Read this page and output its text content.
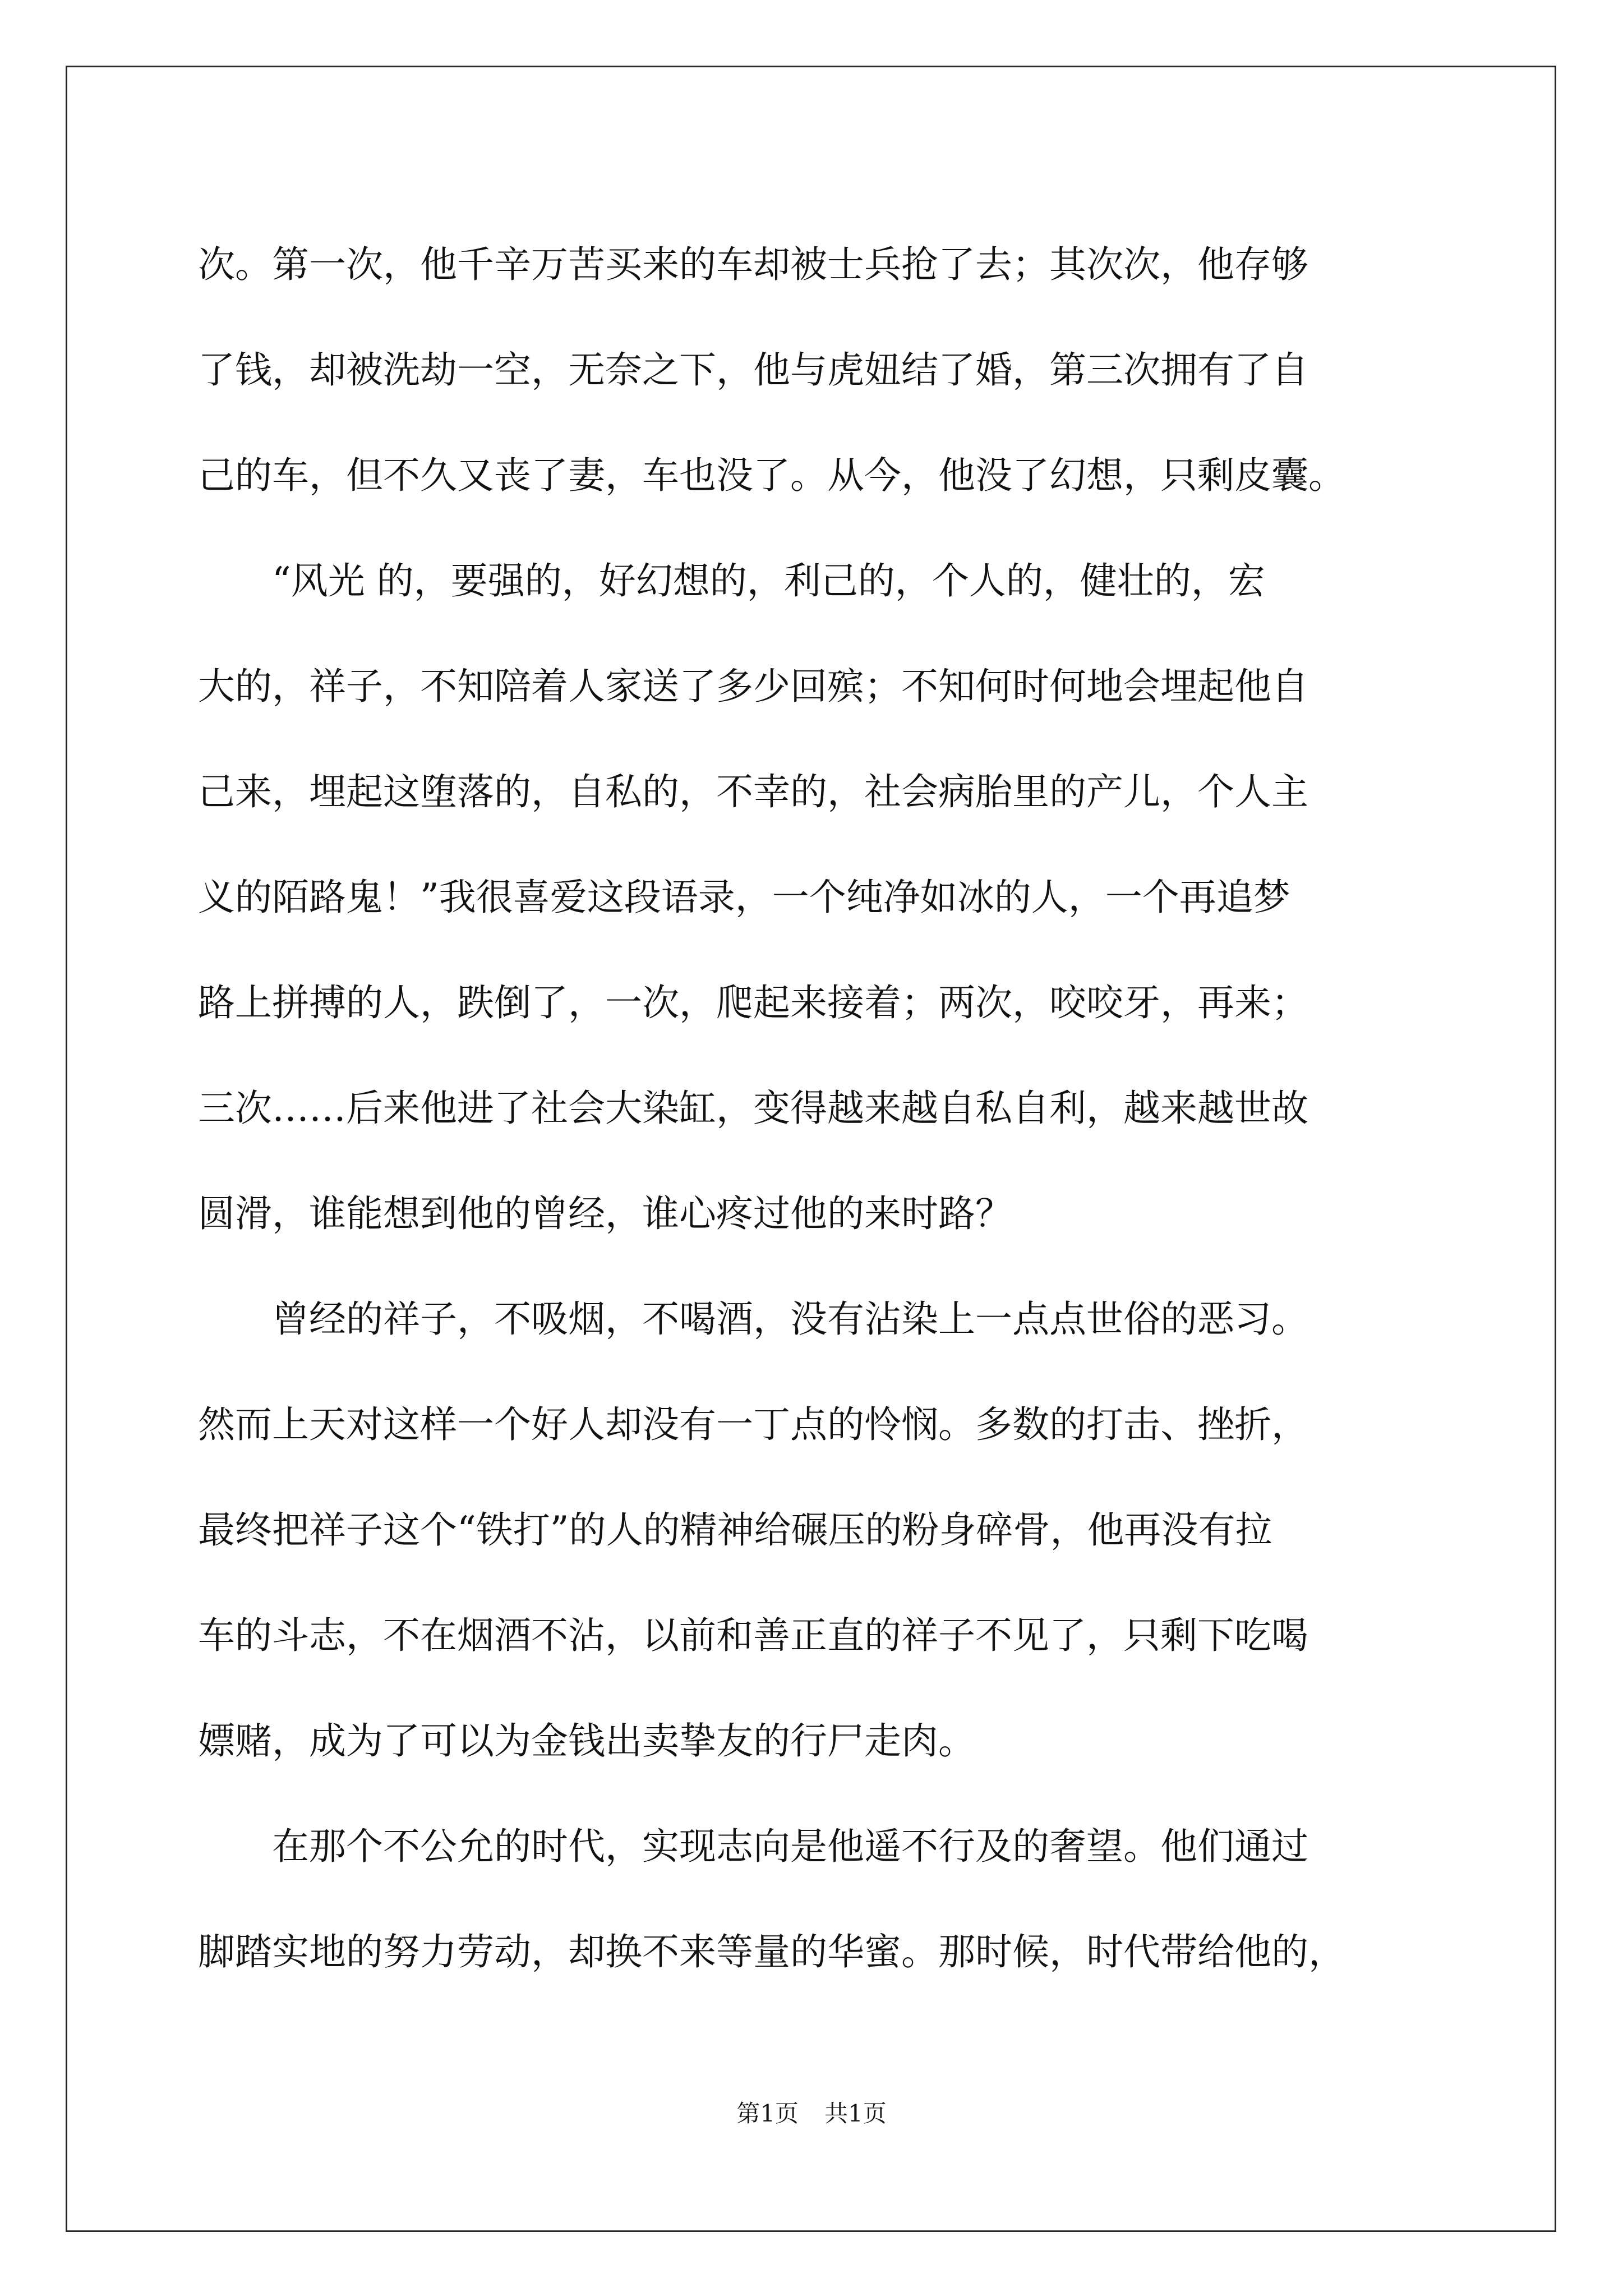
次。第一次，他千辛万苦买来的车却被士兵抢了去；其次次，他存够
了钱，却被洗劫一空，无奈之下，他与虎妞结了婚，第三次拥有了自
己的车，但不久又丧了妻，车也没了。从今，他没了幻想，只剩皮囊。
　　“风光 的，要强的，好幻想的，利己的，个人的，健壮的，宏
大的，祥子，不知陪着人家送了多少回殡；不知何时何地会埋起他自
己来，埋起这堕落的，自私的，不幸的，社会病胎里的产儿，个人主
义的陌路鬼！”我很喜爱这段语录，一个纯净如冰的人，一个再追梦
路上拼搏的人，跌倒了，一次，爬起来接着；两次，咬咬牙，再来；
三次……后来他进了社会大染缸，变得越来越自私自利，越来越世故
圆滑，谁能想到他的曾经，谁心疼过他的来时路？
　　曾经的祥子，不吸烟，不喝酒，没有沾染上一点点世俗的恶习。
然而上天对这样一个好人却没有一丁点的怜悯。多数的打击、挫折，
最终把祥子这个“铁打”的人的精神给碾压的粉身碎骨，他再没有拉
车的斗志，不在烟酒不沾，以前和善正直的祥子不见了，只剩下吃喝
嫖赌，成为了可以为金钱出卖挚友的行尸走肉。
　　在那个不公允的时代，实现志向是他遥不行及的奢望。他们通过
脚踏实地的努力劳动，却换不来等量的华蜜。那时候，时代带给他的，
第1页 共1页
